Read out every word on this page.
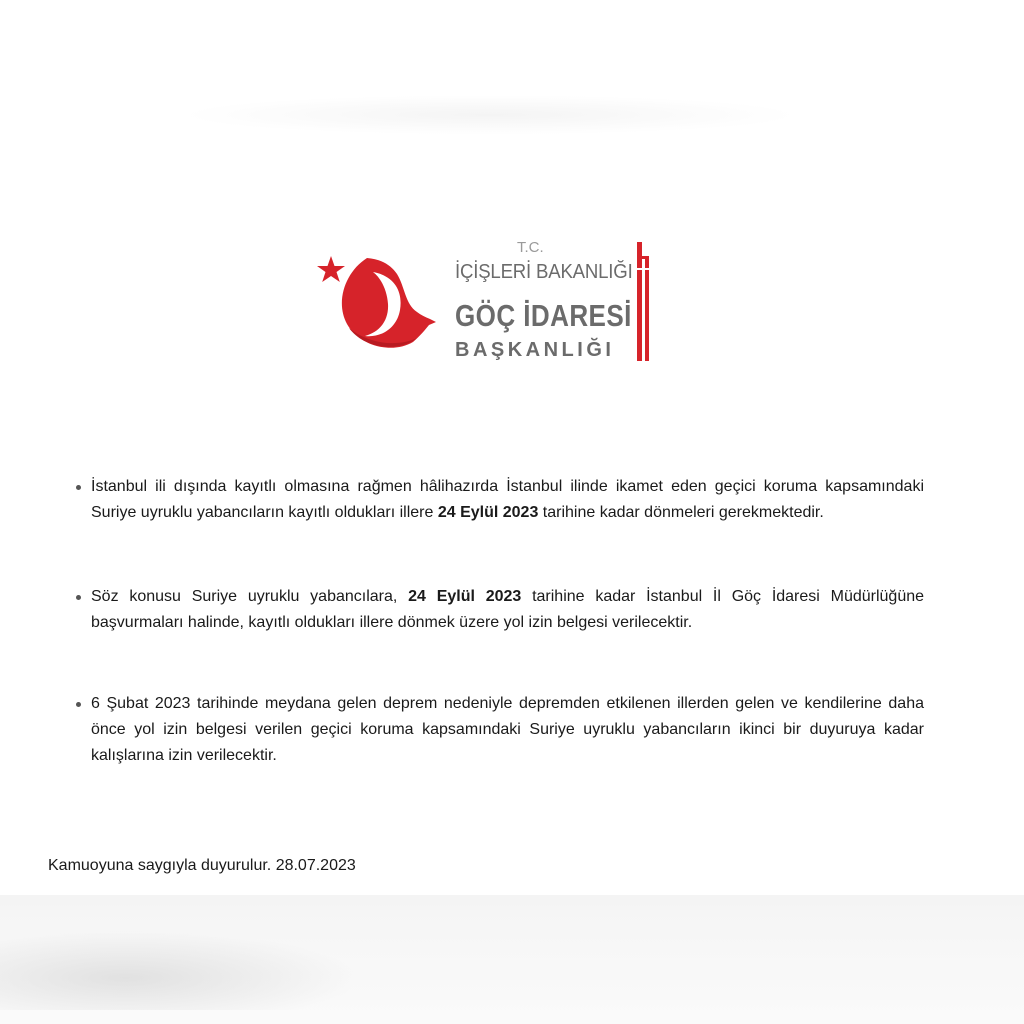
T.C.
İÇİŞLERİ BAKANLIĞI
GÖÇ İDARESİ
BAŞKANLIĞI
İstanbul ili dışında kayıtlı olmasına rağmen hâlihazırda İstanbul ilinde ikamet eden geçici koruma kapsamındaki Suriye uyruklu yabancıların kayıtlı oldukları illere 24 Eylül 2023 tarihine kadar dönmeleri gerekmektedir.
Söz konusu Suriye uyruklu yabancılara, 24 Eylül 2023 tarihine kadar İstanbul İl Göç İdaresi Müdürlüğüne başvurmaları halinde, kayıtlı oldukları illere dönmek üzere yol izin belgesi verilecektir.
6 Şubat 2023 tarihinde meydana gelen deprem nedeniyle depremden etkilenen illerden gelen ve kendilerine daha önce yol izin belgesi verilen geçici koruma kapsamındaki Suriye uyruklu yabancıların ikinci bir duyuruya kadar kalışlarına izin verilecektir.
Kamuoyuna saygıyla duyurulur. 28.07.2023
